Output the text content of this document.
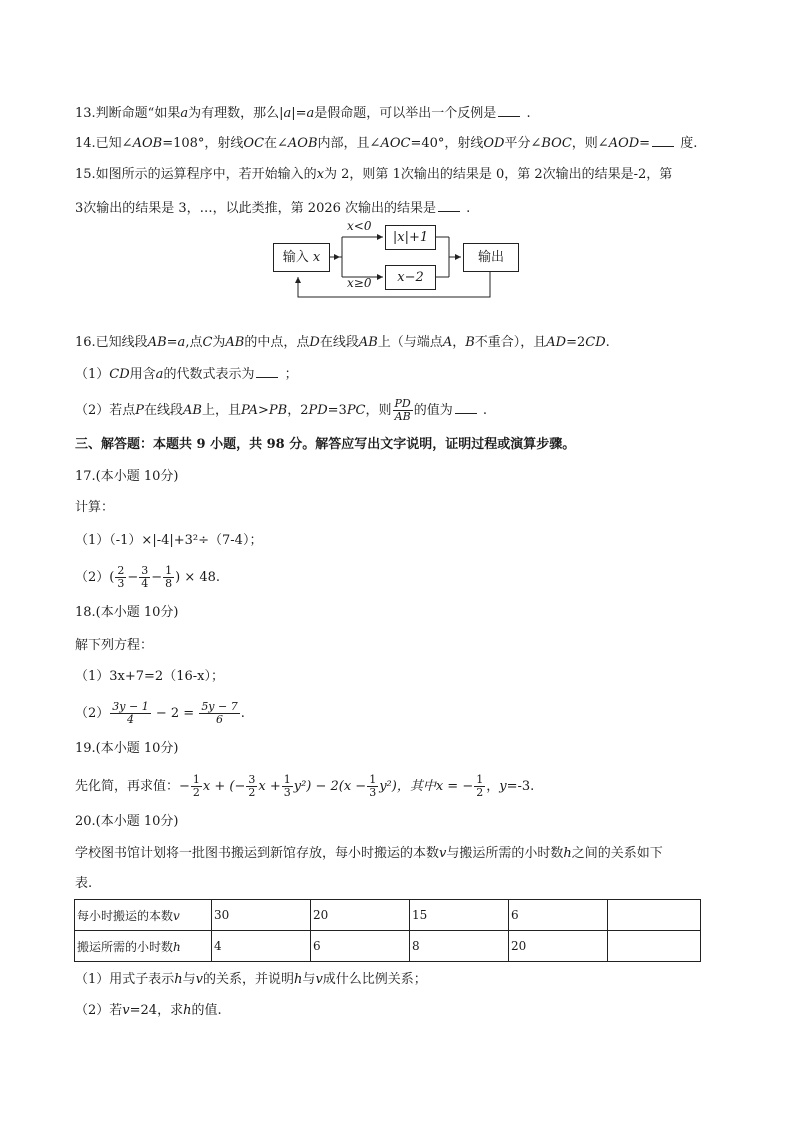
13.判断命题“如果a为有理数，那么|a|=a是假命题，可以举出一个反例是 .
14.已知∠AOB=108°，射线OC在∠AOB内部，且∠AOC=40°，射线OD平分∠BOC，则∠AOD= 度.
15.如图所示的运算程序中，若开始输入的x为 2，则第 1次输出的结果是 0，第 2次输出的结果是-2，第
3次输出的结果是 3，…，以此类推，第 2026 次输出的结果是 .
输入 x
x<0
x≥0
|x|+1
x−2
输出
16.已知线段AB=a,点C为AB的中点，点D在线段AB上（与端点A，B不重合），且AD=2CD.
（1）CD用含a的代数式表示为 ；
（2）若点P在线段AB上，且PA>PB，2PD=3PC，则 $\frac{PD}{AB}$ 的值为 .
三、解答题：本题共 9 小题，共 98 分。解答应写出文字说明，证明过程或演算步骤。
17.(本小题 10分)
计算：
（1）（-1）×|-4|+3²÷（7-4）；
$(2)( \frac{2}{3} - \frac{3}{4} - \frac{1}{8}$ ) × 48.
18.(本小题 10分)
解下列方程：
（1）3x+7=2（16-x）；
$(2) \frac{3y - 1}{4} - 2 = \frac{5y - 7}{6}$ .
19.(本小题 10分)
先化简，再求值：− $\frac{1}{2}$ x + (− $\frac{3}{2}$ $x + \frac{1}{3} y^2) - 2(x - \frac{1}{3} y^2)$，其中x = − $\frac{1}{2}$ ，y=-3.
20.(本小题 10分)
学校图书馆计划将一批图书搬运到新馆存放，每小时搬运的本数v与搬运所需的小时数h之间的关系如下
表.
每小时搬运的本数v	30	20	15	6	
搬运所需的小时数h	4	6	8	20	
（1）用式子表示h与v的关系，并说明h与v成什么比例关系；
（2）若v=24，求h的值.
